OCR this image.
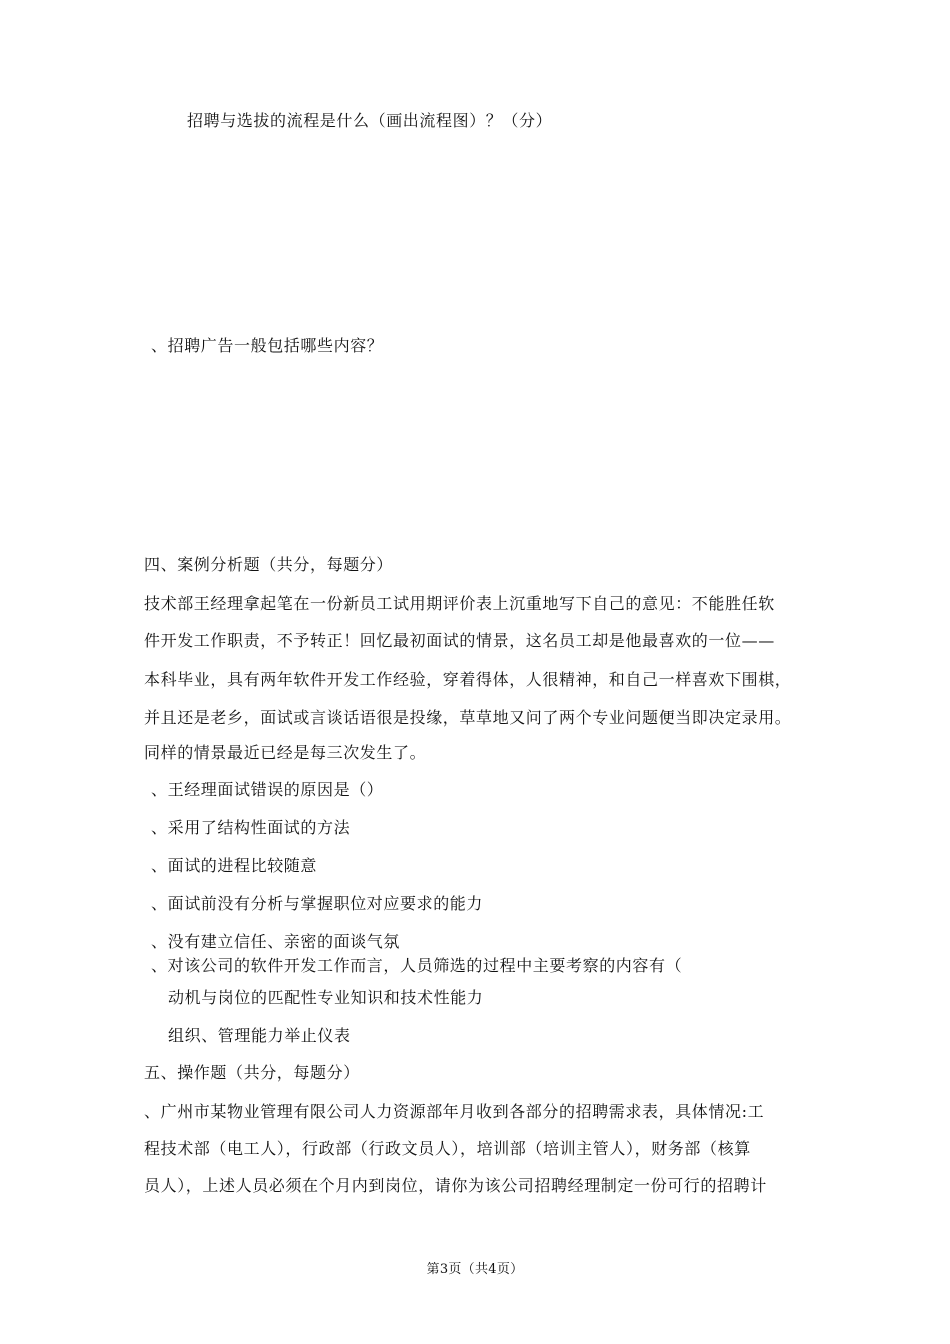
招聘与选拔的流程是什么（画出流程图）？（分）
、招聘广告一般包括哪些内容？
四、案例分析题（共分，每题分）
技术部王经理拿起笔在一份新员工试用期评价表上沉重地写下自己的意见：不能胜任软
件开发工作职责，不予转正！回忆最初面试的情景，这名员工却是他最喜欢的一位——
本科毕业，具有两年软件开发工作经验，穿着得体，人很精神，和自己一样喜欢下围棋，
并且还是老乡，面试或言谈话语很是投缘，草草地又问了两个专业问题便当即决定录用。
同样的情景最近已经是每三次发生了。
、王经理面试错误的原因是（）
、采用了结构性面试的方法
、面试的进程比较随意
、面试前没有分析与掌握职位对应要求的能力
、没有建立信任、亲密的面谈气氛
、对该公司的软件开发工作而言，人员筛选的过程中主要考察的内容有（
动机与岗位的匹配性专业知识和技术性能力
组织、管理能力举止仪表
五、操作题（共分，每题分）
、广州市某物业管理有限公司人力资源部年月收到各部分的招聘需求表，具体情况:工
程技术部（电工人），行政部（行政文员人），培训部（培训主管人），财务部（核算
员人），上述人员必须在个月内到岗位，请你为该公司招聘经理制定一份可行的招聘计
第3页（共4页）
